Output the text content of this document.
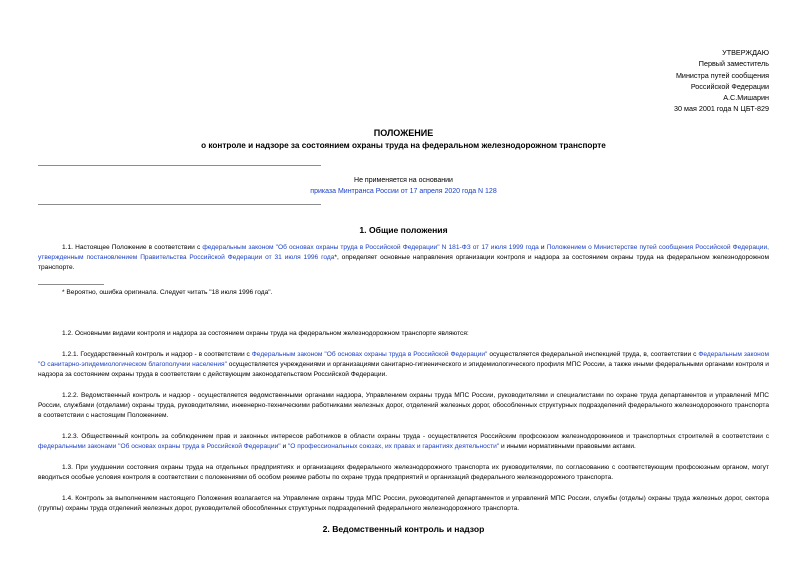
УТВЕРЖДАЮ
Первый заместитель
Министра путей сообщения
Российской Федерации
А.С.Мишарин
30 мая 2001 года N ЦБТ-829
ПОЛОЖЕНИЕ
о контроле и надзоре за состоянием охраны труда на федеральном железнодорожном транспорте
Не применяется на основании
приказа Минтранса России от 17 апреля 2020 года N 128
1. Общие положения
1.1. Настоящее Положение в соответствии с федеральным законом "Об основах охраны труда в Российской Федерации" N 181-ФЗ от 17 июля 1999 года и Положением о Министерстве путей сообщения Российской Федерации, утвержденным постановлением Правительства Российской Федерации от 31 июля 1996 года*, определяет основные направления организации контроля и надзора за состоянием охраны труда на федеральном железнодорожном транспорте.
* Вероятно, ошибка оригинала. Следует читать "18 июля 1996 года".
1.2. Основными видами контроля и надзора за состоянием охраны труда на федеральном железнодорожном транспорте являются:
1.2.1. Государственный контроль и надзор - в соответствии с Федеральным законом "Об основах охраны труда в Российской Федерации" осуществляется федеральной инспекцией труда, в, соответствии с Федеральным законом "О санитарно-эпидемиологическом благополучии населения" осуществляется учреждениями и организациями санитарно-гигиенического и эпидемиологического профиля МПС России, а также иными федеральными органами контроля и надзора за состоянием охраны труда в соответствии с действующим законодательством Российской Федерации.
1.2.2. Ведомственный контроль и надзор - осуществляется ведомственными органами надзора, Управлением охраны труда МПС России, руководителями и специалистами по охране труда департаментов и управлений МПС России, службами (отделами) охраны труда, руководителями, инженерно-техническими работниками железных дорог, отделений железных дорог, обособленных структурных подразделений федерального железнодорожного транспорта в соответствии с настоящим Положением.
1.2.3. Общественный контроль за соблюдением прав и законных интересов работников в области охраны труда - осуществляется Российским профсоюзом железнодорожников и транспортных строителей в соответствии с федеральными законами "Об основах охраны труда в Российской Федерации" и "О профессиональных союзах, их правах и гарантиях деятельности" и иными нормативными правовыми актами.
1.3. При ухудшении состояния охраны труда на отдельных предприятиях и организациях федерального железнодорожного транспорта их руководителями, по согласованию с соответствующим профсоюзным органом, могут вводиться особые условия контроля в соответствии с положениями об особом режиме работы по охране труда предприятий и организаций федерального железнодорожного транспорта.
1.4. Контроль за выполнением настоящего Положения возлагается на Управление охраны труда МПС России, руководителей департаментов и управлений МПС России, службы (отделы) охраны труда железных дорог, сектора (группы) охраны труда отделений железных дорог, руководителей обособленных структурных подразделений федерального железнодорожного транспорта.
2. Ведомственный контроль и надзор
